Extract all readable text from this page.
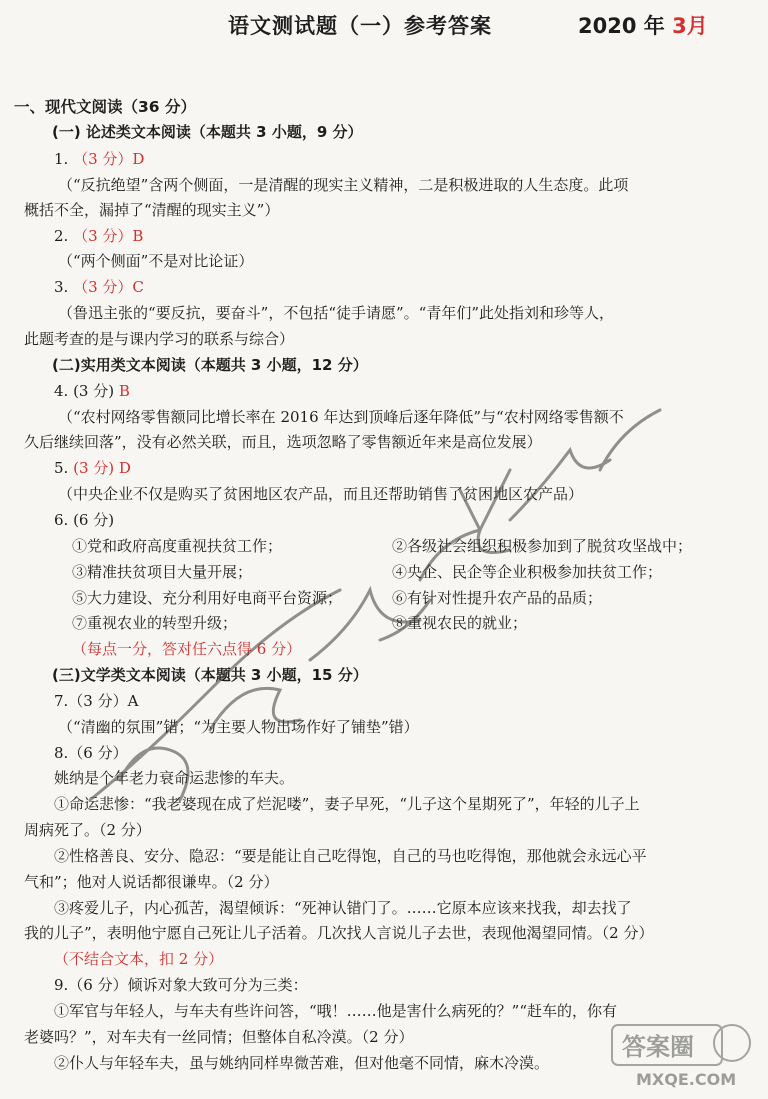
语文测试题（一）参考答案	2020 年 3月
一、现代文阅读（36 分）
(一) 论述类文本阅读（本题共 3 小题，9 分）
1. （3 分）D
（“反抗绝望”含两个侧面，一是清醒的现实主义精神，二是积极进取的人生态度。此项
概括不全，漏掉了“清醒的现实主义”）
2. （3 分）B
（“两个侧面”不是对比论证）
3. （3 分）C
（鲁迅主张的“要反抗，要奋斗”，不包括“徒手请愿”。“青年们”此处指刘和珍等人，
此题考查的是与课内学习的联系与综合）
(二)实用类文本阅读（本题共 3 小题，12 分）
4. (3 分) B
（“农村网络零售额同比增长率在 2016 年达到顶峰后逐年降低”与“农村网络零售额不
久后继续回落”，没有必然关联，而且，选项忽略了零售额近年来是高位发展）
5. (3 分) D
（中央企业不仅是购买了贫困地区农产品，而且还帮助销售了贫困地区农产品）
6. (6 分)
①党和政府高度重视扶贫工作；	②各级社会组织积极参加到了脱贫攻坚战中；
③精准扶贫项目大量开展；	④央企、民企等企业积极参加扶贫工作；
⑤大力建设、充分利用好电商平台资源；	⑥有针对性提升农产品的品质；
⑦重视农业的转型升级；	⑧重视农民的就业；
（每点一分，答对任六点得 6 分）
(三)文学类文本阅读（本题共 3 小题，15 分）
7.（3 分）A
（“清幽的氛围”错；“为主要人物出场作好了铺垫”错）
8.（6 分）
姚纳是个年老力衰命运悲惨的车夫。
①命运悲惨：“我老婆现在成了烂泥喽”，妻子早死，“儿子这个星期死了”，年轻的儿子上
周病死了。（2 分）
②性格善良、安分、隐忍：“要是能让自己吃得饱，自己的马也吃得饱，那他就会永远心平
气和”；他对人说话都很谦卑。（2 分）
③疼爱儿子，内心孤苦，渴望倾诉：“死神认错门了。……它原本应该来找我，却去找了
我的儿子”，表明他宁愿自己死让儿子活着。几次找人言说儿子去世，表现他渴望同情。（2 分）
（不结合文本，扣 2 分）
9.（6 分）倾诉对象大致可分为三类：
①军官与年轻人，与车夫有些许问答，“哦！……他是害什么病死的？”“赶车的，你有
老婆吗？”，对车夫有一丝同情；但整体自私冷漠。（2 分）
②仆人与年轻车夫，虽与姚纳同样卑微苦难，但对他毫不同情，麻木冷漠。
答案圈
MXQE.COM
